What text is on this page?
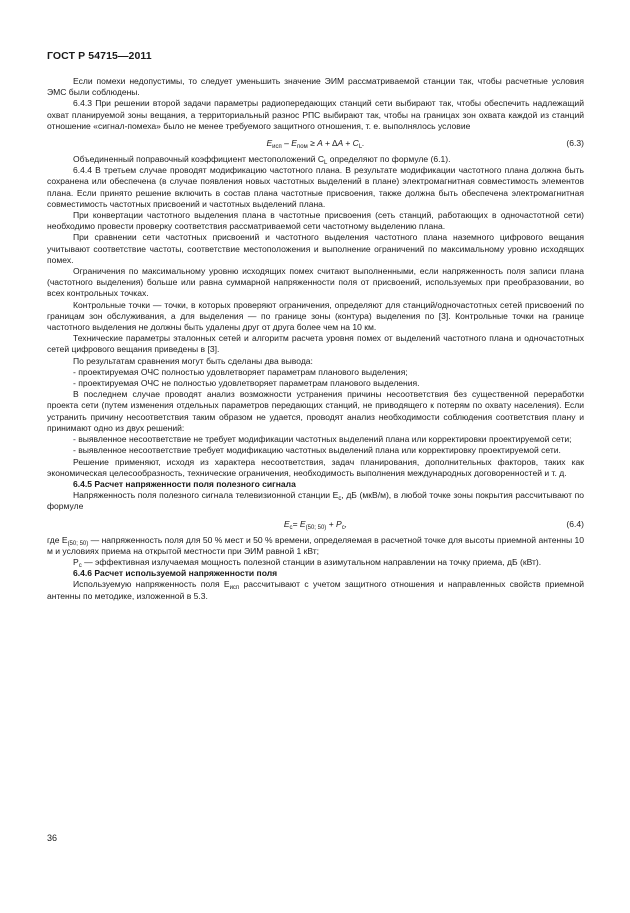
ГОСТ Р 54715—2011

Если помехи недопустимы, то следует уменьшить значение ЭИМ рассматриваемой станции так, чтобы расчетные условия ЭМС были соблюдены.

6.4.3 При решении второй задачи параметры радиопередающих станций сети выбирают так, чтобы обеспечить надлежащий охват планируемой зоны вещания, а территориальный разнос РПС выбирают так, чтобы на границах зон охвата каждой из станций отношение «сигнал-помеха» было не менее требуемого защитного отношения, т. е. выполнялось условие

$E_{исп} - E_{пом} \ge A + \Delta A + C_L$.	(6.3)

Объединенный поправочный коэффициент местоположений $C_L$ определяют по формуле (6.1).

6.4.4 В третьем случае проводят модификацию частотного плана. В результате модификации частотного плана должна быть сохранена или обеспечена (в случае появления новых частотных выделений в плане) электромагнитная совместимость элементов плана. Если принято решение включить в состав плана частотные присвоения, также должна быть обеспечена электромагнитная совместимость частотных присвоений и частотных выделений плана.

При конвертации частотного выделения плана в частотные присвоения (сеть станций, работающих в одночастотной сети) необходимо провести проверку соответствия рассматриваемой сети частотному выделению плана.

При сравнении сети частотных присвоений и частотного выделения частотного плана наземного цифрового вещания учитывают соответствие частоты, соответствие местоположения и выполнение ограничений по максимальному уровню исходящих помех.

Ограничения по максимальному уровню исходящих помех считают выполненными, если напряженность поля записи плана (частотного выделения) больше или равна суммарной напряженности поля от присвоений, используемых при преобразовании, во всех контрольных точках.

Контрольные точки — точки, в которых проверяют ограничения, определяют для станций/одночастотных сетей присвоений по границам зон обслуживания, а для выделения — по границе зоны (контура) выделения по [3]. Контрольные точки на границе частотного выделения не должны быть удалены друг от друга более чем на 10 км.

Технические параметры эталонных сетей и алгоритм расчета уровня помех от выделений частотного плана и одночастотных сетей цифрового вещания приведены в [3].

По результатам сравнения могут быть сделаны два вывода:

- проектируемая ОЧС полностью удовлетворяет параметрам планового выделения;

- проектируемая ОЧС не полностью удовлетворяет параметрам планового выделения.

В последнем случае проводят анализ возможности устранения причины несоответствия без существенной переработки проекта сети (путем изменения отдельных параметров передающих станций, не приводящего к потерям по охвату населения). Если устранить причину несоответствия таким образом не удается, проводят анализ необходимости соблюдения соответствия плану и принимают одно из двух решений:

- выявленное несоответствие не требует модификации частотных выделений плана или корректировки проектируемой сети;

- выявленное несоответствие требует модификацию частотных выделений плана или корректировку проектируемой сети.

Решение применяют, исходя из характера несоответствия, задач планирования, дополнительных факторов, таких как экономическая целесообразность, технические ограничения, необходимость выполнения международных договоренностей и т. д.

6.4.5 Расчет напряженности поля полезного сигнала

Напряженность поля полезного сигнала телевизионной станции $E_c$, дБ (мкВ/м), в любой точке зоны покрытия рассчитывают по формуле

$E_c= E_{(50; 50)} + P_c$,	(6.4)

где $E_{(50; 50)}$ — напряженность поля для 50 % мест и 50 % времени, определяемая в расчетной точке для высоты приемной антенны 10 м и условиях приема на открытой местности при ЭИМ равной 1 кВт;

$P_c$ — эффективная излучаемая мощность полезной станции в азимутальном направлении на точку приема, дБ (кВт).

6.4.6 Расчет используемой напряженности поля

Используемую напряженность поля $E_{исп}$ рассчитывают с учетом защитного отношения и направленных свойств приемной антенны по методике, изложенной в 5.3.

36
